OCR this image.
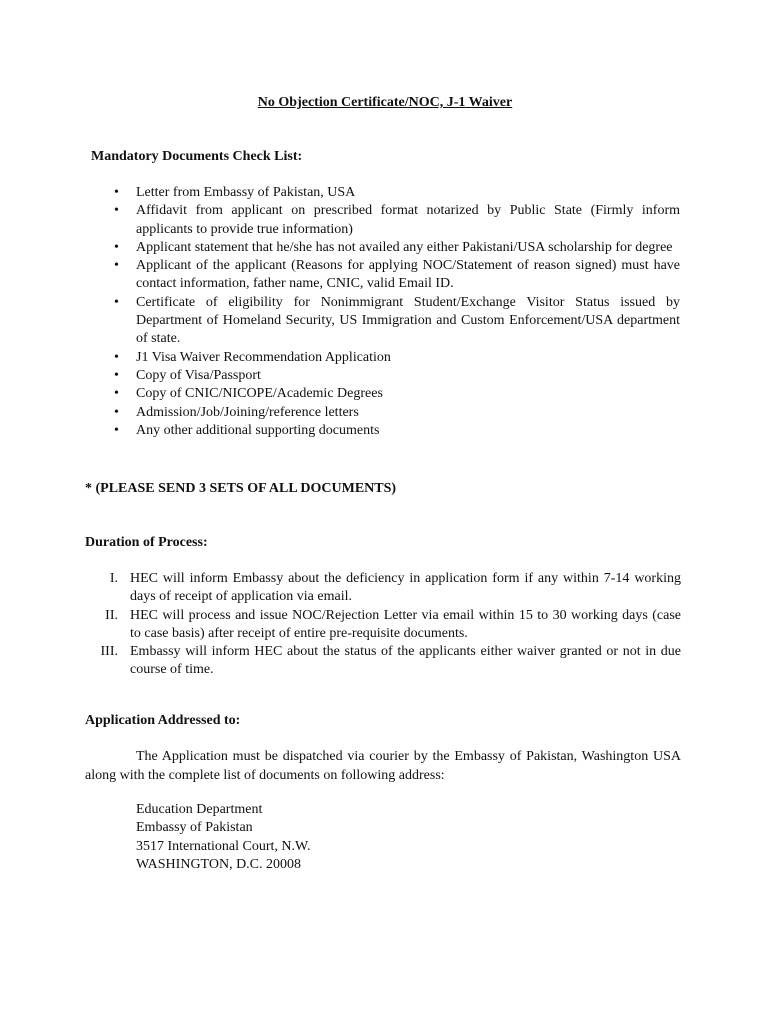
No Objection Certificate/NOC, J-1 Waiver
Mandatory Documents Check List:
• Letter from Embassy of Pakistan, USA
• Affidavit from applicant on prescribed format notarized by Public State (Firmly inform applicants to provide true information)
• Applicant statement that he/she has not availed any either Pakistani/USA scholarship for degree
• Applicant of the applicant (Reasons for applying NOC/Statement of reason signed) must have contact information, father name, CNIC, valid Email ID.
• Certificate of eligibility for Nonimmigrant Student/Exchange Visitor Status issued by Department of Homeland Security, US Immigration and Custom Enforcement/USA department of state.
• J1 Visa Waiver Recommendation Application
• Copy of Visa/Passport
• Copy of CNIC/NICOPE/Academic Degrees
• Admission/Job/Joining/reference letters
• Any other additional supporting documents
* (PLEASE SEND 3 SETS OF ALL DOCUMENTS)
Duration of Process:
I. HEC will inform Embassy about the deficiency in application form if any within 7-14 working days of receipt of application via email.
II. HEC will process and issue NOC/Rejection Letter via email within 15 to 30 working days (case to case basis) after receipt of entire pre-requisite documents.
III. Embassy will inform HEC about the status of the applicants either waiver granted or not in due course of time.
Application Addressed to:

The Application must be dispatched via courier by the Embassy of Pakistan, Washington USA along with the complete list of documents on following address:

Education Department
Embassy of Pakistan
3517 International Court, N.W.
WASHINGTON, D.C. 20008
